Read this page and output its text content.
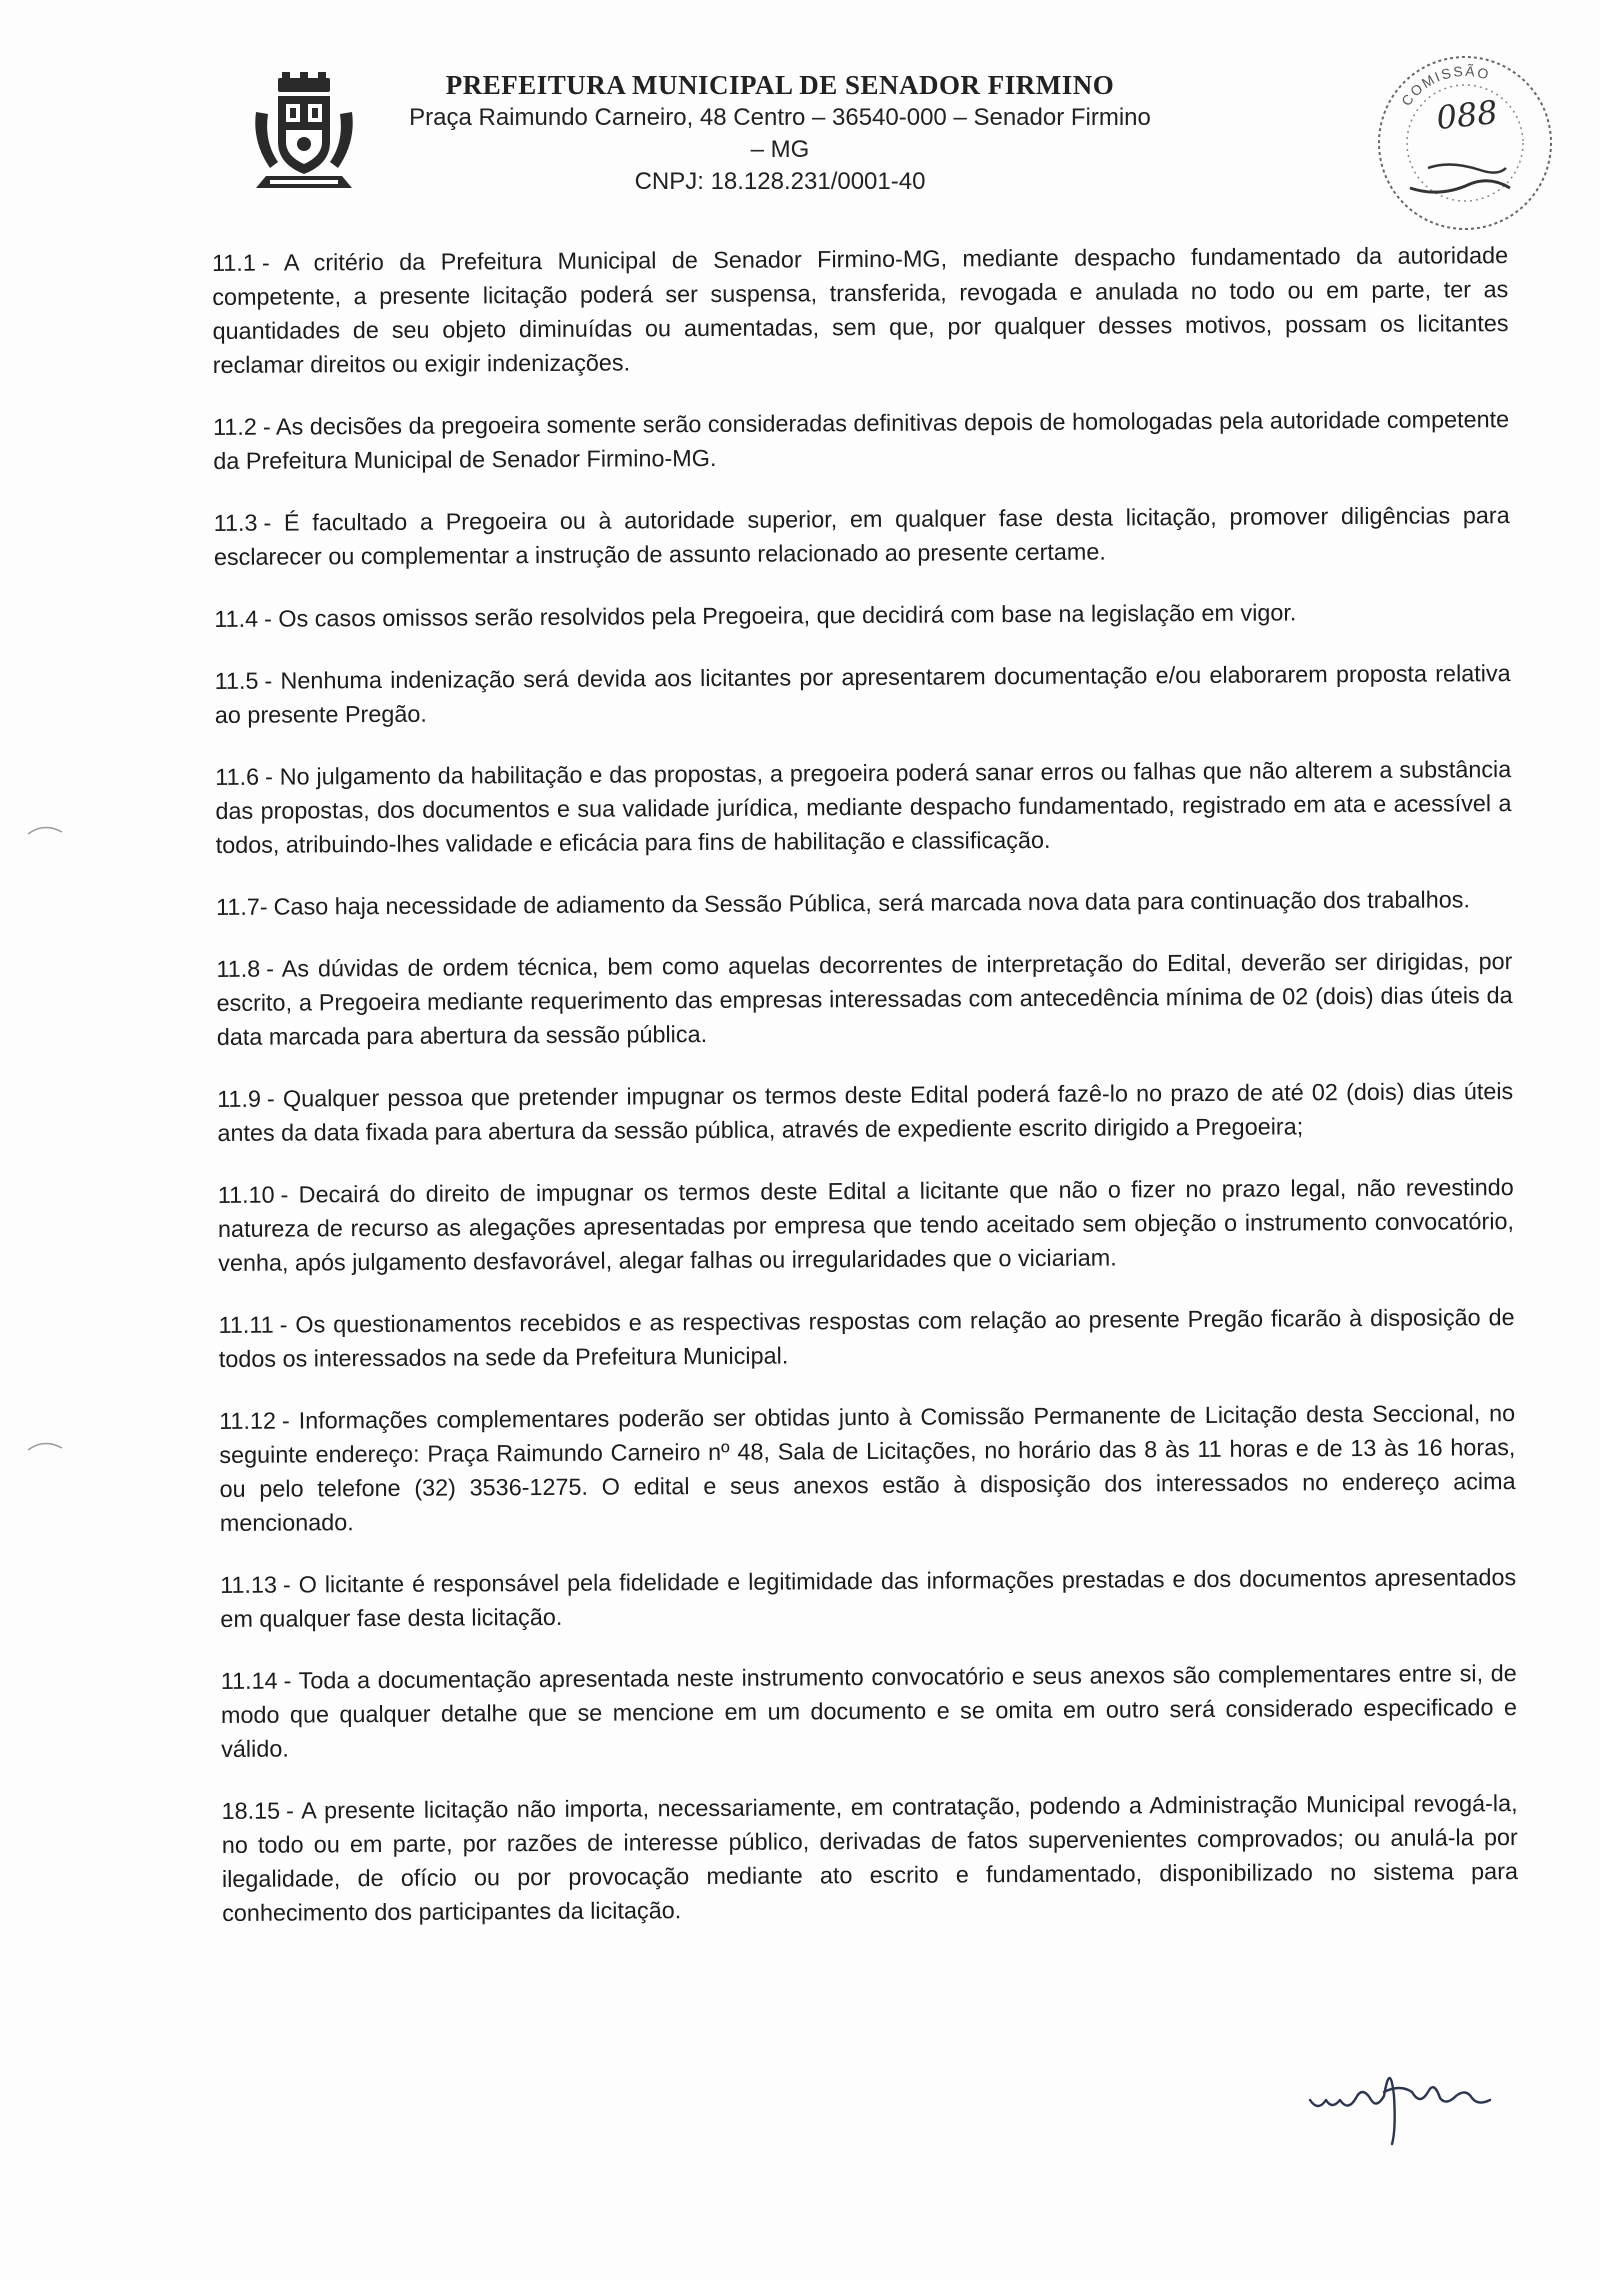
PREFEITURA MUNICIPAL DE SENADOR FIRMINO

Praça Raimundo Carneiro, 48 Centro – 36540-000 – Senador Firmino – MG

CNPJ: 18.128.231/0001-40

COMISSÃO
088

11.1 - A critério da Prefeitura Municipal de Senador Firmino-MG, mediante despacho fundamentado da autoridade competente, a presente licitação poderá ser suspensa, transferida, revogada e anulada no todo ou em parte, ter as quantidades de seu objeto diminuídas ou aumentadas, sem que, por qualquer desses motivos, possam os licitantes reclamar direitos ou exigir indenizações.

11.2 - As decisões da pregoeira somente serão consideradas definitivas depois de homologadas pela autoridade competente da Prefeitura Municipal de Senador Firmino-MG.

11.3 - É facultado a Pregoeira ou à autoridade superior, em qualquer fase desta licitação, promover diligências para esclarecer ou complementar a instrução de assunto relacionado ao presente certame.

11.4 - Os casos omissos serão resolvidos pela Pregoeira, que decidirá com base na legislação em vigor.

11.5 - Nenhuma indenização será devida aos licitantes por apresentarem documentação e/ou elaborarem proposta relativa ao presente Pregão.

11.6 - No julgamento da habilitação e das propostas, a pregoeira poderá sanar erros ou falhas que não alterem a substância das propostas, dos documentos e sua validade jurídica, mediante despacho fundamentado, registrado em ata e acessível a todos, atribuindo-lhes validade e eficácia para fins de habilitação e classificação.

11.7- Caso haja necessidade de adiamento da Sessão Pública, será marcada nova data para continuação dos trabalhos.

11.8 - As dúvidas de ordem técnica, bem como aquelas decorrentes de interpretação do Edital, deverão ser dirigidas, por escrito, a Pregoeira mediante requerimento das empresas interessadas com antecedência mínima de 02 (dois) dias úteis da data marcada para abertura da sessão pública.

11.9 - Qualquer pessoa que pretender impugnar os termos deste Edital poderá fazê-lo no prazo de até 02 (dois) dias úteis antes da data fixada para abertura da sessão pública, através de expediente escrito dirigido a Pregoeira;

11.10 - Decairá do direito de impugnar os termos deste Edital a licitante que não o fizer no prazo legal, não revestindo natureza de recurso as alegações apresentadas por empresa que tendo aceitado sem objeção o instrumento convocatório, venha, após julgamento desfavorável, alegar falhas ou irregularidades que o viciariam.

11.11 - Os questionamentos recebidos e as respectivas respostas com relação ao presente Pregão ficarão à disposição de todos os interessados na sede da Prefeitura Municipal.

11.12 - Informações complementares poderão ser obtidas junto à Comissão Permanente de Licitação desta Seccional, no seguinte endereço: Praça Raimundo Carneiro nº 48, Sala de Licitações, no horário das 8 às 11 horas e de 13 às 16 horas, ou pelo telefone (32) 3536-1275. O edital e seus anexos estão à disposição dos interessados no endereço acima mencionado.

11.13 - O licitante é responsável pela fidelidade e legitimidade das informações prestadas e dos documentos apresentados em qualquer fase desta licitação.

11.14 - Toda a documentação apresentada neste instrumento convocatório e seus anexos são complementares entre si, de modo que qualquer detalhe que se mencione em um documento e se omita em outro será considerado especificado e válido.

18.15 - A presente licitação não importa, necessariamente, em contratação, podendo a Administração Municipal revogá-la, no todo ou em parte, por razões de interesse público, derivadas de fatos supervenientes comprovados; ou anulá-la por ilegalidade, de ofício ou por provocação mediante ato escrito e fundamentado, disponibilizado no sistema para conhecimento dos participantes da licitação.
